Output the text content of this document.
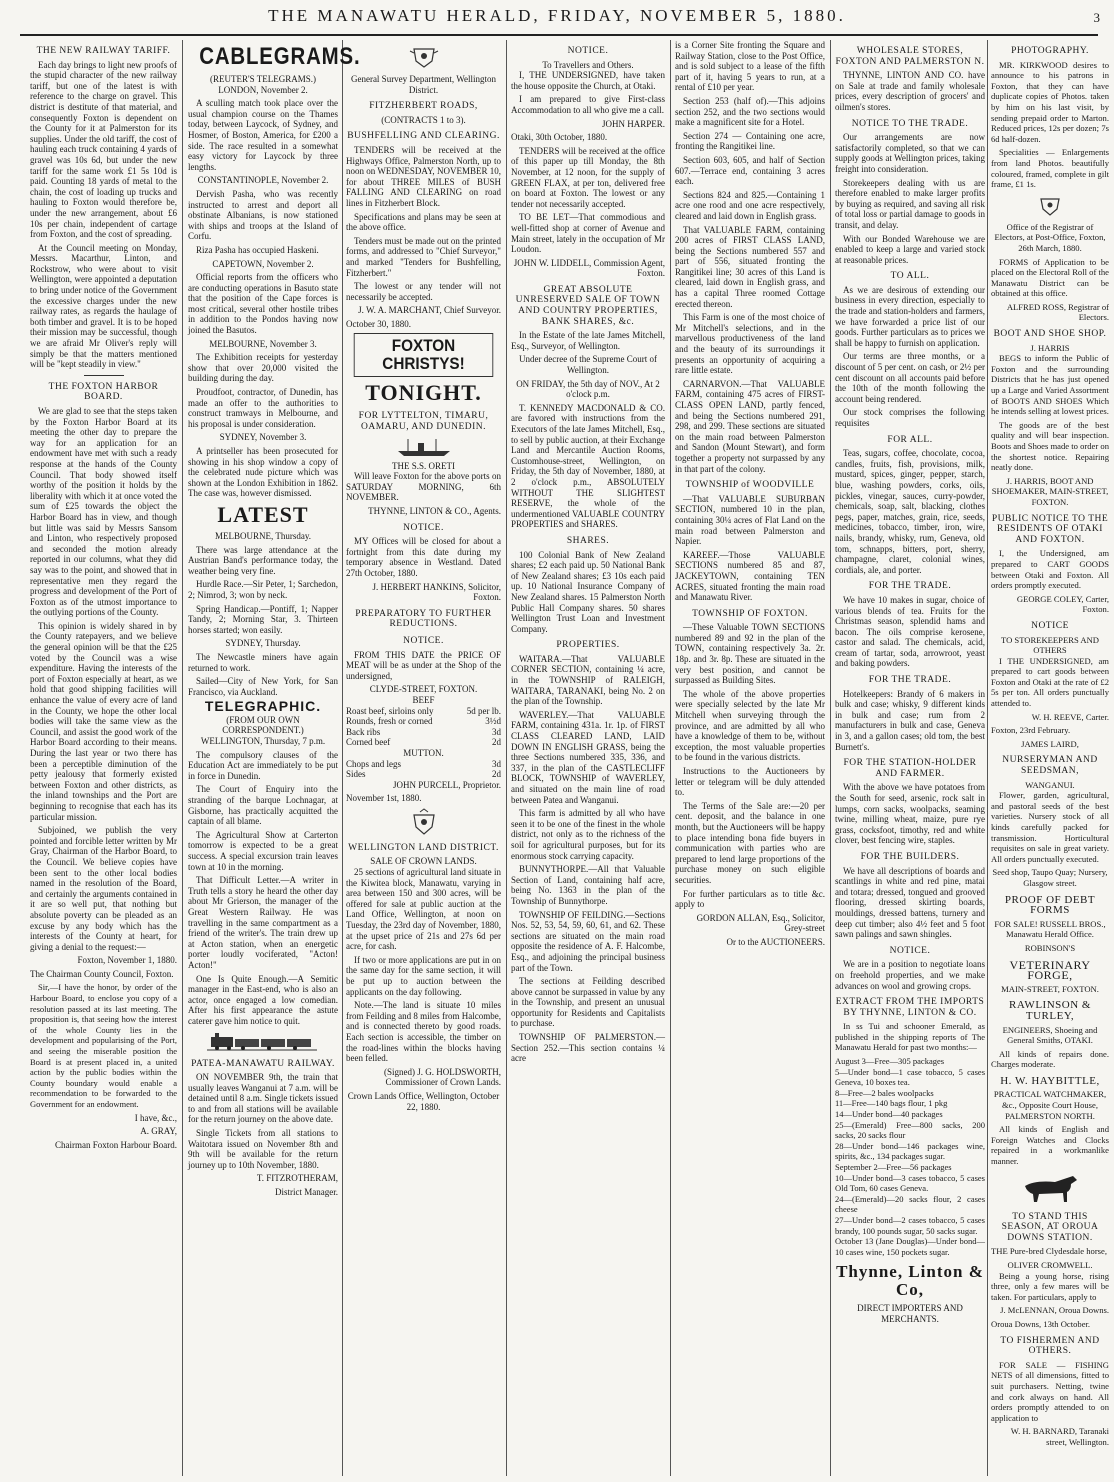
THE MANAWATU HERALD, FRIDAY, NOVEMBER 5, 1880.	3
THE NEW RAILWAY TARIFF.

Each day brings to light new proofs of the stupid character of the new railway tariff, but one of the latest is with reference to the charge on gravel. This district is destitute of that material, and consequently Foxton is dependent on the County for it at Palmerston for its supplies. Under the old tariff, the cost of hauling each truck containing 4 yards of gravel was 10s 6d, but under the new tariff for the same work £1 5s 10d is paid. Counting 18 yards of metal to the chain, the cost of loading up trucks and hauling to Foxton would therefore be, under the new arrangement, about £6 10s per chain, independent of cartage from Foxton, and the cost of spreading.

At the Council meeting on Monday, Messrs. Macarthur, Linton, and Rockstrow, who were about to visit Wellington, were appointed a deputation to bring under notice of the Government the excessive charges under the new railway rates, as regards the haulage of both timber and gravel. It is to be hoped their mission may be successful, though we are afraid Mr Oliver's reply will simply be that the matters mentioned will be "kept steadily in view."

THE FOXTON HARBOR BOARD.

We are glad to see that the steps taken by the Foxton Harbor Board at its meeting the other day to prepare the way for an application for an endowment have met with such a ready response at the hands of the County Council. That body showed itself worthy of the position it holds by the liberality with which it at once voted the sum of £25 towards the object the Harbor Board has in view, and though but little was said by Messrs Sansom and Linton, who respectively proposed and seconded the motion already reported in our columns, what they did say was to the point, and showed that in representative men they regard the progress and development of the Port of Foxton as of the utmost importance to the outlying portions of the County.

This opinion is widely shared in by the County ratepayers, and we believe the general opinion will be that the £25 voted by the Council was a wise expenditure. Having the interests of the port of Foxton especially at heart, as we hold that good shipping facilities will enhance the value of every acre of land in the County, we hope the other local bodies will take the same view as the Council, and assist the good work of the Harbor Board according to their means. During the last year or two there has been a perceptible diminution of the petty jealousy that formerly existed between Foxton and other districts, as the inland townships and the Port are beginning to recognise that each has its particular mission.

Subjoined, we publish the very pointed and forcible letter written by Mr Gray, Chairman of the Harbor Board, to the Council. We believe copies have been sent to the other local bodies named in the resolution of the Board, and certainly the arguments contained in it are so well put, that nothing but absolute poverty can be pleaded as an excuse by any body which has the interests of the County at heart, for giving a denial to the request:—

Foxton, November 1, 1880.

The Chairman County Council, Foxton.

Sir,—I have the honor, by order of the Harbour Board, to enclose you copy of a resolution passed at its last meeting. The proposition is, that seeing how the interest of the whole County lies in the development and popularising of the Port, and seeing the miserable position the Board is at present placed in, a united action by the public bodies within the County boundary would enable a recommendation to be forwarded to the Government for an endowment.

I have, &c.,

A. GRAY,

Chairman Foxton Harbour Board.

CABLEGRAMS.
(REUTER'S TELEGRAMS.)

LONDON, November 2.

A sculling match took place over the usual champion course on the Thames today, between Laycock, of Sydney, and Hosmer, of Boston, America, for £200 a side. The race resulted in a somewhat easy victory for Laycock by three lengths.

CONSTANTINOPLE, November 2.

Dervish Pasha, who was recently instructed to arrest and deport all obstinate Albanians, is now stationed with ships and troops at the Island of Corfu.

Riza Pasha has occupied Haskeni.

CAPETOWN, November 2.

Official reports from the officers who are conducting operations in Basuto state that the position of the Cape forces is most critical, several other hostile tribes in addition to the Pondos having now joined the Basutos.

MELBOURNE, November 3.

The Exhibition receipts for yesterday show that over 20,000 visited the building during the day.

Proudfoot, contractor, of Dunedin, has made an offer to the authorities to construct tramways in Melbourne, and his proposal is under consideration.

SYDNEY, November 3.

A printseller has been prosecuted for showing in his shop window a copy of the celebrated nude picture which was shown at the London Exhibition in 1862. The case was, however dismissed.

LATEST

MELBOURNE, Thursday.

There was large attendance at the Austrian Band's performance today, the weather being very fine.

Hurdle Race.—Sir Peter, 1; Sarchedon, 2; Nimrod, 3; won by neck.

Spring Handicap.—Pontiff, 1; Napper Tandy, 2; Morning Star, 3. Thirteen horses started; won easily.

SYDNEY, Thursday.

The Newcastle miners have again returned to work.

Sailed—City of New York, for San Francisco, via Auckland.

TELEGRAPHIC.
(FROM OUR OWN CORRESPONDENT.)

WELLINGTON, Thursday, 7 p.m.

The compulsory clauses of the Education Act are immediately to be put in force in Dunedin.

The Court of Enquiry into the stranding of the barque Lochnagar, at Gisborne, has practically acquitted the captain of all blame.

The Agricultural Show at Carterton tomorrow is expected to be a great success. A special excursion train leaves town at 10 in the morning.

That Difficult Letter.—A writer in Truth tells a story he heard the other day about Mr Grierson, the manager of the Great Western Railway. He was travelling in the same compartment as a friend of the writer's. The train drew up at Acton station, when an energetic porter loudly vociferated, "Acton! Acton!"

One Is Quite Enough.—A Semitic manager in the East-end, who is also an actor, once engaged a low comedian. After his first appearance the astute caterer gave him notice to quit.

PATEA-MANAWATU RAILWAY.

ON NOVEMBER 9th, the train that usually leaves Wanganui at 7 a.m. will be detained until 8 a.m. Single tickets issued to and from all stations will be available for the return journey on the above date.

Single Tickets from all stations to Waitotara issued on November 8th and 9th will be available for the return journey up to 10th November, 1880.

T. FITZROTHERAM,

District Manager.

General Survey Department, Wellington District.

FITZHERBERT ROADS,
(CONTRACTS 1 to 3).
BUSHFELLING AND CLEARING.

TENDERS will be received at the Highways Office, Palmerston North, up to noon on WEDNESDAY, NOVEMBER 10, for about THREE MILES of BUSH FALLING AND CLEARING on road lines in Fitzherbert Block.

Specifications and plans may be seen at the above office.

Tenders must be made out on the printed forms, and addressed to "Chief Surveyor," and marked "Tenders for Bushfelling, Fitzherbert."

The lowest or any tender will not necessarily be accepted.

J. W. A. MARCHANT, Chief Surveyor.

October 30, 1880.

FOXTON CHRISTYS!
TONIGHT.
FOR LYTTELTON, TIMARU, OAMARU, AND DUNEDIN.
THE S.S. ORETI

Will leave Foxton for the above ports on SATURDAY MORNING, 6th NOVEMBER.

THYNNE, LINTON & CO., Agents.

NOTICE.

MY Offices will be closed for about a fortnight from this date during my temporary absence in Westland. Dated 27th October, 1880.

J. HERBERT HANKINS, Solicitor, Foxton.

PREPARATORY TO FURTHER REDUCTIONS.
NOTICE.

FROM THIS DATE the PRICE OF MEAT will be as under at the Shop of the undersigned,

CLYDE-STREET, FOXTON.
BEEF
Roast beef, sirloins only	5d per lb.
Rounds, fresh or corned	3½d
Back ribs	3d
Corned beef	2d
MUTTON.
Chops and legs	3d
Sides	2d

JOHN PURCELL, Proprietor.

November 1st, 1880.

WELLINGTON LAND DISTRICT.
SALE OF CROWN LANDS.

25 sections of agricultural land situate in the Kiwitea block, Manawatu, varying in area between 150 and 300 acres, will be offered for sale at public auction at the Land Office, Wellington, at noon on Tuesday, the 23rd day of November, 1880, at the upset price of 21s and 27s 6d per acre, for cash.

If two or more applications are put in on the same day for the same section, it will be put up to auction between the applicants on the day following.

Note.—The land is situate 10 miles from Feilding and 8 miles from Halcombe, and is connected thereto by good roads. Each section is accessible, the timber on the road-lines within the blocks having been felled.

(Signed) J. G. HOLDSWORTH, Commissioner of Crown Lands.

Crown Lands Office, Wellington, October 22, 1880.

NOTICE.
To Travellers and Others.

I, THE UNDERSIGNED, have taken the house opposite the Church, at Otaki.

I am prepared to give First-class Accommodation to all who give me a call.

JOHN HARPER.

Otaki, 30th October, 1880.

TENDERS will be received at the office of this paper up till Monday, the 8th November, at 12 noon, for the supply of GREEN FLAX, at per ton, delivered free on board at Foxton. The lowest or any tender not necessarily accepted.

TO BE LET—That commodious and well-fitted shop at corner of Avenue and Main street, lately in the occupation of Mr Loudon.

JOHN W. LIDDELL, Commission Agent, Foxton.

GREAT ABSOLUTE UNRESERVED SALE OF TOWN AND COUNTRY PROPERTIES, BANK SHARES, &c.

In the Estate of the late James Mitchell, Esq., Surveyor, of Wellington.

Under decree of the Supreme Court of Wellington.

ON FRIDAY, the 5th day of NOV., At 2 o'clock p.m.

T. KENNEDY MACDONALD & CO. are favored with instructions from the Executors of the late James Mitchell, Esq., to sell by public auction, at their Exchange Land and Mercantile Auction Rooms, Customhouse-street, Wellington, on Friday, the 5th day of November, 1880, at 2 o'clock p.m., ABSOLUTELY WITHOUT THE SLIGHTEST RESERVE, the whole of the undermentioned VALUABLE COUNTRY PROPERTIES and SHARES.

SHARES.

100 Colonial Bank of New Zealand shares; £2 each paid up. 50 National Bank of New Zealand shares; £3 10s each paid up. 10 National Insurance Company of New Zealand shares. 15 Palmerston North Public Hall Company shares. 50 shares Wellington Trust Loan and Investment Company.

PROPERTIES.

WAITARA.—That VALUABLE CORNER SECTION, containing ¼ acre, in the TOWNSHIP of RALEIGH, WAITARA, TARANAKI, being No. 2 on the plan of the Township.

WAVERLEY.—That VALUABLE FARM, containing 431a. 1r. 1p. of FIRST CLASS CLEARED LAND, LAID DOWN IN ENGLISH GRASS, being the three Sections numbered 335, 336, and 337, in the plan of the CASTLECLIFF BLOCK, TOWNSHIP of WAVERLEY, and situated on the main line of road between Patea and Wanganui.

This farm is admitted by all who have seen it to be one of the finest in the whole district, not only as to the richness of the soil for agricultural purposes, but for its enormous stock carrying capacity.

BUNNYTHORPE.—All that Valuable Section of Land, containing half acre, being No. 1363 in the plan of the Township of Bunnythorpe.

TOWNSHIP OF FEILDING.—Sections Nos. 52, 53, 54, 59, 60, 61, and 62. These sections are situated on the main road opposite the residence of A. F. Halcombe, Esq., and adjoining the principal business part of the Town.

The sections at Feilding described above cannot be surpassed in value by any in the Township, and present an unusual opportunity for Residents and Capitalists to purchase.

TOWNSHIP OF PALMERSTON.—Section 252.—This section contains ¼ acre

is a Corner Site fronting the Square and Railway Station, close to the Post Office, and is sold subject to a lease of the fifth part of it, having 5 years to run, at a rental of £10 per year.

Section 253 (half of).—This adjoins section 252, and the two sections would make a magnificent site for a Hotel.

Section 274 — Containing one acre, fronting the Rangitikei line.

Section 603, 605, and half of Section 607.—Terrace end, containing 3 acres each.

Sections 824 and 825.—Containing 1 acre one rood and one acre respectively, cleared and laid down in English grass.

That VALUABLE FARM, containing 200 acres of FIRST CLASS LAND, being the Sections numbered 557 and part of 556, situated fronting the Rangitikei line; 30 acres of this Land is cleared, laid down in English grass, and has a capital Three roomed Cottage erected thereon.

This Farm is one of the most choice of Mr Mitchell's selections, and in the marvellous productiveness of the land and the beauty of its surroundings it presents an opportunity of acquiring a rare little estate.

CARNARVON.—That VALUABLE FARM, containing 475 acres of FIRST-CLASS OPEN LAND, partly fenced, and being the Sections numbered 291, 298, and 299. These sections are situated on the main road between Palmerston and Sandon (Mount Stewart), and form together a property not surpassed by any in that part of the colony.

TOWNSHIP of WOODVILLE

—That VALUABLE SUBURBAN SECTION, numbered 10 in the plan, containing 30¼ acres of Flat Land on the main road between Palmerston and Napier.

KAREEF.—Those VALUABLE SECTIONS numbered 85 and 87, JACKEYTOWN, containing TEN ACRES, situated fronting the main road and Manawatu River.

TOWNSHIP OF FOXTON.

—These Valuable TOWN SECTIONS numbered 89 and 92 in the plan of the TOWN, containing respectively 3a. 2r. 18p. and 3r. 8p. These are situated in the very best position, and cannot be surpassed as Building Sites.

The whole of the above properties were specially selected by the late Mr Mitchell when surveying through the province, and are admitted by all who have a knowledge of them to be, without exception, the most valuable properties to be found in the various districts.

Instructions to the Auctioneers by letter or telegram will be duly attended to.

The Terms of the Sale are:—20 per cent. deposit, and the balance in one month, but the Auctioneers will be happy to place intending bona fide buyers in communication with parties who are prepared to lend large proportions of the purchase money on such eligible securities.

For further particulars as to title &c. apply to

GORDON ALLAN, Esq., Solicitor, Grey-street

Or to the AUCTIONEERS.

WHOLESALE STORES, FOXTON AND PALMERSTON N.

THYNNE, LINTON AND CO. have on Sale at trade and family wholesale prices, every description of grocers' and oilmen's stores.

NOTICE TO THE TRADE.

Our arrangements are now satisfactorily completed, so that we can supply goods at Wellington prices, taking freight into consideration.

Storekeepers dealing with us are therefore enabled to make larger profits by buying as required, and saving all risk of total loss or partial damage to goods in transit, and delay.

With our Bonded Warehouse we are enabled to keep a large and varied stock at reasonable prices.

TO ALL.

As we are desirous of extending our business in every direction, especially to the trade and station-holders and farmers, we have forwarded a price list of our goods. Further particulars as to prices we shall be happy to furnish on application.

Our terms are three months, or a discount of 5 per cent. on cash, or 2½ per cent discount on all accounts paid before the 10th of the month following the account being rendered.

Our stock comprises the following requisites

FOR ALL.

Teas, sugars, coffee, chocolate, cocoa, candles, fruits, fish, provisions, milk, mustard, spices, ginger, pepper, starch, blue, washing powders, corks, oils, pickles, vinegar, sauces, curry-powder, chemicals, soap, salt, blacking, clothes pegs, paper, matches, grain, rice, seeds, medicines, tobacco, timber, iron, wire, nails, brandy, whisky, rum, Geneva, old tom, schnapps, bitters, port, sherry, champagne, claret, colonial wines, cordials, ale, and porter.

FOR THE TRADE.

We have 10 makes in sugar, choice of various blends of tea. Fruits for the Christmas season, splendid hams and bacon. The oils comprise kerosene, castor and salad. The chemicals, acid, cream of tartar, soda, arrowroot, yeast and baking powders.

FOR THE TRADE.

Hotelkeepers: Brandy of 6 makers in bulk and case; whisky, 9 different kinds in bulk and case; rum from 2 manufacturers in bulk and case, Geneva in 3, and a gallon cases; old tom, the best Burnett's.

FOR THE STATION-HOLDER AND FARMER.

With the above we have potatoes from the South for seed, arsenic, rock salt in lumps, corn sacks, woolpacks, seaming twine, milling wheat, maize, pure rye grass, cocksfoot, timothy, red and white clover, best fencing wire, staples.

FOR THE BUILDERS.

We have all descriptions of boards and scantlings in white and red pine, matai and totara; dressed, tongued and grooved flooring, dressed skirting boards, mouldings, dressed battens, turnery and deep cut timber; also 4½ feet and 5 foot sawn palings and sawn shingles.

NOTICE.

We are in a position to negotiate loans on freehold properties, and we make advances on wool and growing crops.

EXTRACT FROM THE IMPORTS BY THYNNE, LINTON & CO.

In ss Tui and schooner Emerald, as published in the shipping reports of The Manawatu Herald for past two months:—

August 3—Free—305 packages
5—Under bond—1 case tobacco, 5 cases Geneva, 10 boxes tea.
8—Free—2 bales woolpacks
11—Free—140 bags flour, 1 pkg
14—Under bond—40 packages
25—(Emerald) Free—800 sacks, 200 sacks, 20 sacks flour
28—Under bond—146 packages wine, spirits, &c., 134 packages sugar.
September 2—Free—56 packages
10—Under bond—3 cases tobacco, 5 cases Old Tom, 60 cases Geneva.
24—(Emerald)—20 sacks flour, 2 cases cheese
27—Under bond—2 cases tobacco, 5 cases brandy, 100 pounds sugar, 50 sacks sugar.
October 13 (Jane Douglas)—Under bond—10 cases wine, 150 pockets sugar.
Thynne, Linton & Co,
DIRECT IMPORTERS AND MERCHANTS.
PHOTOGRAPHY.

MR. KIRKWOOD desires to announce to his patrons in Foxton, that they can have duplicate copies of Photos. taken by him on his last visit, by sending prepaid order to Marton. Reduced prices, 12s per dozen; 7s 6d half-dozen.

Specialities — Enlargements from land Photos. beautifully coloured, framed, complete in gilt frame, £1 1s.

Office of the Registrar of Electors, at Post-Office, Foxton, 26th March, 1880.

FORMS of Application to be placed on the Electoral Roll of the Manawatu District can be obtained at this office.

ALFRED ROSS, Registrar of Electors.

BOOT AND SHOE SHOP.
J. HARRIS

BEGS to inform the Public of Foxton and the surrounding Districts that he has just opened up a Large and Varied Assortment of BOOTS AND SHOES Which he intends selling at lowest prices.

The goods are of the best quality and will bear inspection. Boots and Shoes made to order on the shortest notice. Repairing neatly done.

J. HARRIS, BOOT AND SHOEMAKER, MAIN-STREET, FOXTON.

PUBLIC NOTICE TO THE RESIDENTS OF OTAKI AND FOXTON.

I, the Undersigned, am prepared to CART GOODS between Otaki and Foxton. All orders promptly executed.

GEORGE COLEY, Carter, Foxton.

NOTICE
TO STOREKEEPERS AND OTHERS

I THE UNDERSIGNED, am prepared to cart goods between Foxton and Otaki at the rate of £2 5s per ton. All orders punctually attended to.

W. H. REEVE, Carter.

Foxton, 23rd February.

JAMES LAIRD,
NURSERYMAN AND SEEDSMAN,
WANGANUI.

Flower, garden, agricultural, and pastoral seeds of the best varieties. Nursery stock of all kinds carefully packed for transmission. Horticultural requisites on sale in great variety. All orders punctually executed.

Seed shop, Taupo Quay; Nursery, Glasgow street.

PROOF OF DEBT FORMS

FOR SALE! RUSSELL BROS., Manawatu Herald Office.

ROBINSON'S
VETERINARY FORGE,
MAIN-STREET, FOXTON.
RAWLINSON & TURLEY,

ENGINEERS, Shoeing and General Smiths, OTAKI.

All kinds of repairs done. Charges moderate.

H. W. HAYBITTLE,

PRACTICAL WATCHMAKER, &c., Opposite Court House, PALMERSTON NORTH.

All kinds of English and Foreign Watches and Clocks repaired in a workmanlike manner.

TO STAND THIS SEASON, AT OROUA DOWNS STATION.

THE Pure-bred Clydesdale horse,

OLIVER CROMWELL.

Being a young horse, rising three, only a few mares will be taken. For particulars, apply to

J. McLENNAN, Oroua Downs.

Oroua Downs, 13th October.

TO FISHERMEN AND OTHERS.

FOR SALE — FISHING NETS of all dimensions, fitted to suit purchasers. Netting, twine and cork always on hand. All orders promptly attended to on application to

W. H. BARNARD, Taranaki street, Wellington.
